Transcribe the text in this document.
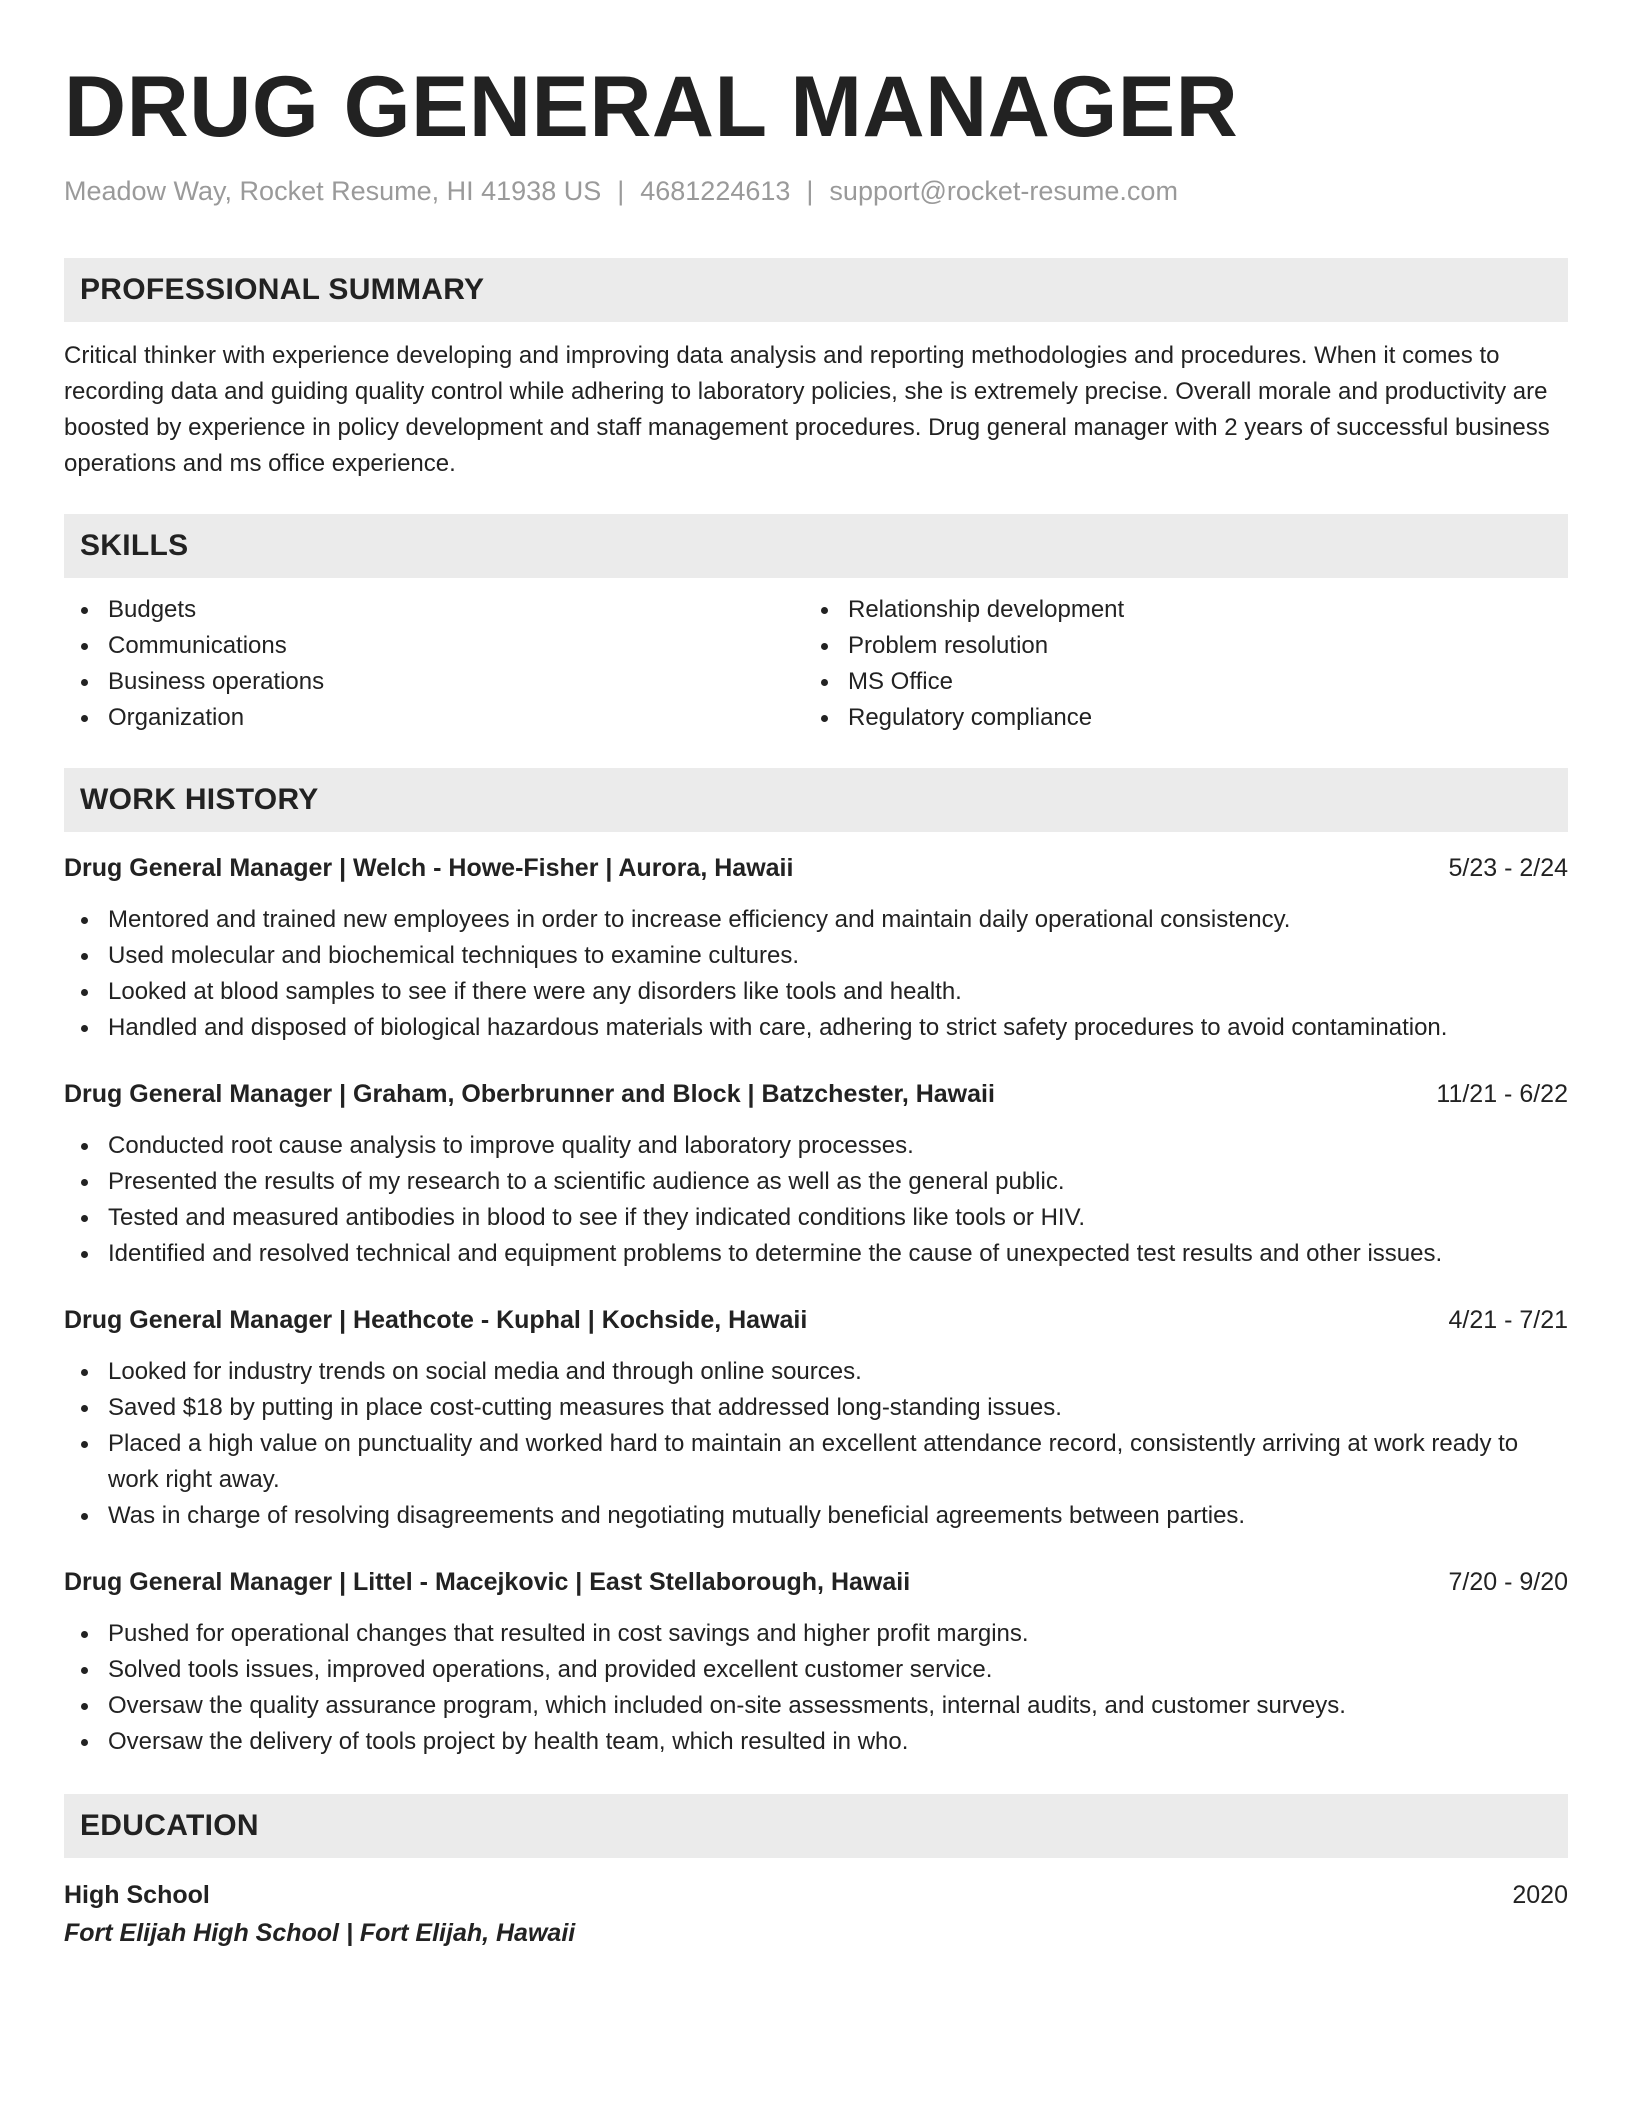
DRUG GENERAL MANAGER
Meadow Way, Rocket Resume, HI 41938 US | 4681224613 | support@rocket-resume.com
PROFESSIONAL SUMMARY

Critical thinker with experience developing and improving data analysis and reporting methodologies and procedures. When it comes to recording data and guiding quality control while adhering to laboratory policies, she is extremely precise. Overall morale and productivity are boosted by experience in policy development and staff management procedures. Drug general manager with 2 years of successful business operations and ms office experience.

SKILLS
Budgets
Communications
Business operations
Organization
Relationship development
Problem resolution
MS Office
Regulatory compliance
WORK HISTORY
Drug General Manager | Welch - Howe-Fisher | Aurora, Hawaii	5/23 - 2/24
Mentored and trained new employees in order to increase efficiency and maintain daily operational consistency.
Used molecular and biochemical techniques to examine cultures.
Looked at blood samples to see if there were any disorders like tools and health.
Handled and disposed of biological hazardous materials with care, adhering to strict safety procedures to avoid contamination.
Drug General Manager | Graham, Oberbrunner and Block | Batzchester, Hawaii	11/21 - 6/22
Conducted root cause analysis to improve quality and laboratory processes.
Presented the results of my research to a scientific audience as well as the general public.
Tested and measured antibodies in blood to see if they indicated conditions like tools or HIV.
Identified and resolved technical and equipment problems to determine the cause of unexpected test results and other issues.
Drug General Manager | Heathcote - Kuphal | Kochside, Hawaii	4/21 - 7/21
Looked for industry trends on social media and through online sources.
Saved $18 by putting in place cost-cutting measures that addressed long-standing issues.
Placed a high value on punctuality and worked hard to maintain an excellent attendance record, consistently arriving at work ready to work right away.
Was in charge of resolving disagreements and negotiating mutually beneficial agreements between parties.
Drug General Manager | Littel - Macejkovic | East Stellaborough, Hawaii	7/20 - 9/20
Pushed for operational changes that resulted in cost savings and higher profit margins.
Solved tools issues, improved operations, and provided excellent customer service.
Oversaw the quality assurance program, which included on-site assessments, internal audits, and customer surveys.
Oversaw the delivery of tools project by health team, which resulted in who.
EDUCATION
High School	2020
Fort Elijah High School | Fort Elijah, Hawaii
